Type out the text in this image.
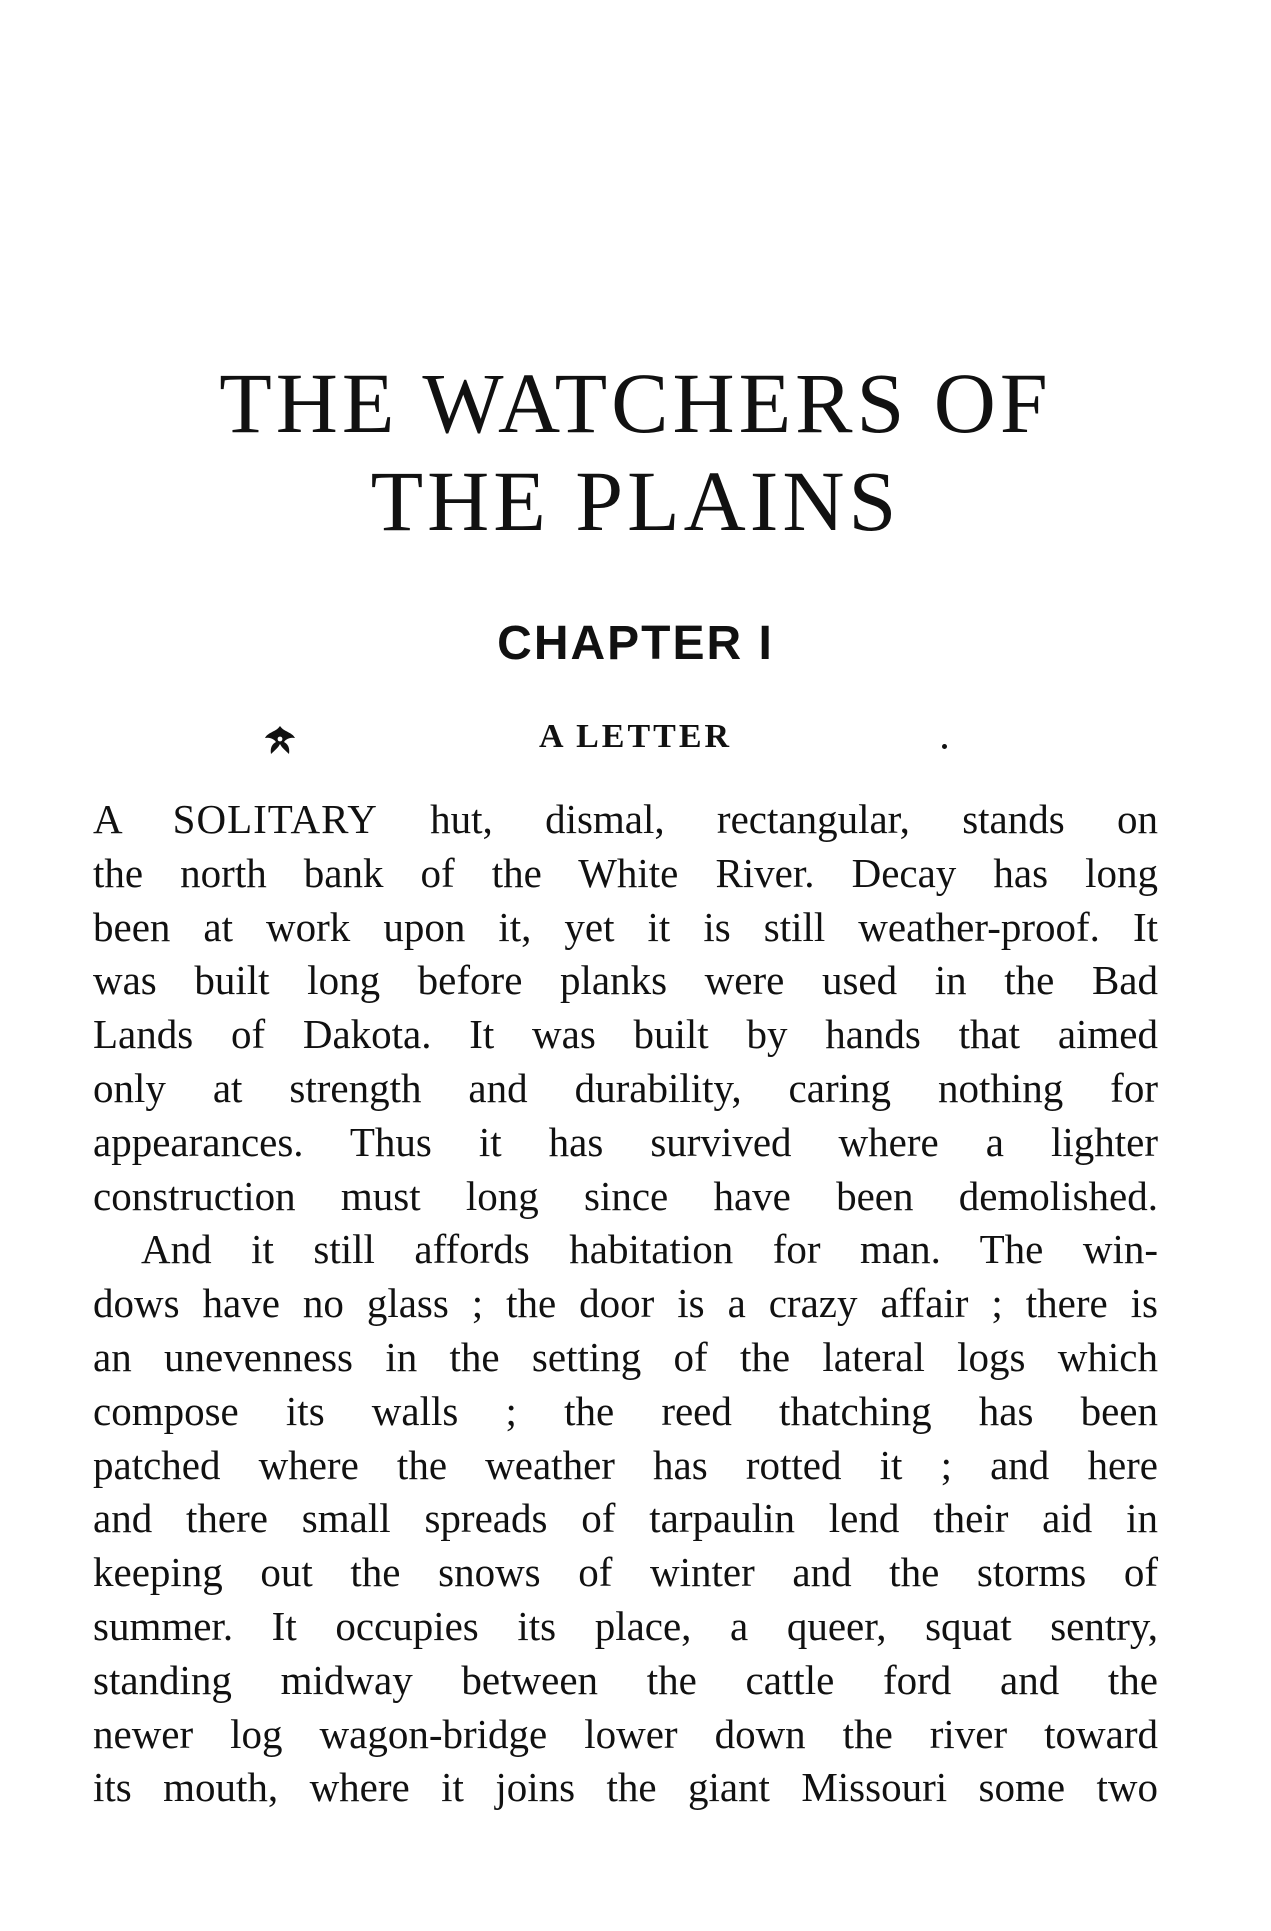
THE WATCHERS OF
THE PLAINS
CHAPTER I
A LETTER
A SOLITARY hut, dismal, rectangular, stands on
the north bank of the White River. Decay has long
been at work upon it, yet it is still weather-proof. It
was built long before planks were used in the Bad
Lands of Dakota. It was built by hands that aimed
only at strength and durability, caring nothing for
appearances. Thus it has survived where a lighter
construction must long since have been demolished.
And it still affords habitation for man. The win-
dows have no glass ; the door is a crazy affair ; there is
an unevenness in the setting of the lateral logs which
compose its walls ; the reed thatching has been
patched where the weather has rotted it ; and here
and there small spreads of tarpaulin lend their aid in
keeping out the snows of winter and the storms of
summer. It occupies its place, a queer, squat sentry,
standing midway between the cattle ford and the
newer log wagon-bridge lower down the river toward
its mouth, where it joins the giant Missouri some two
